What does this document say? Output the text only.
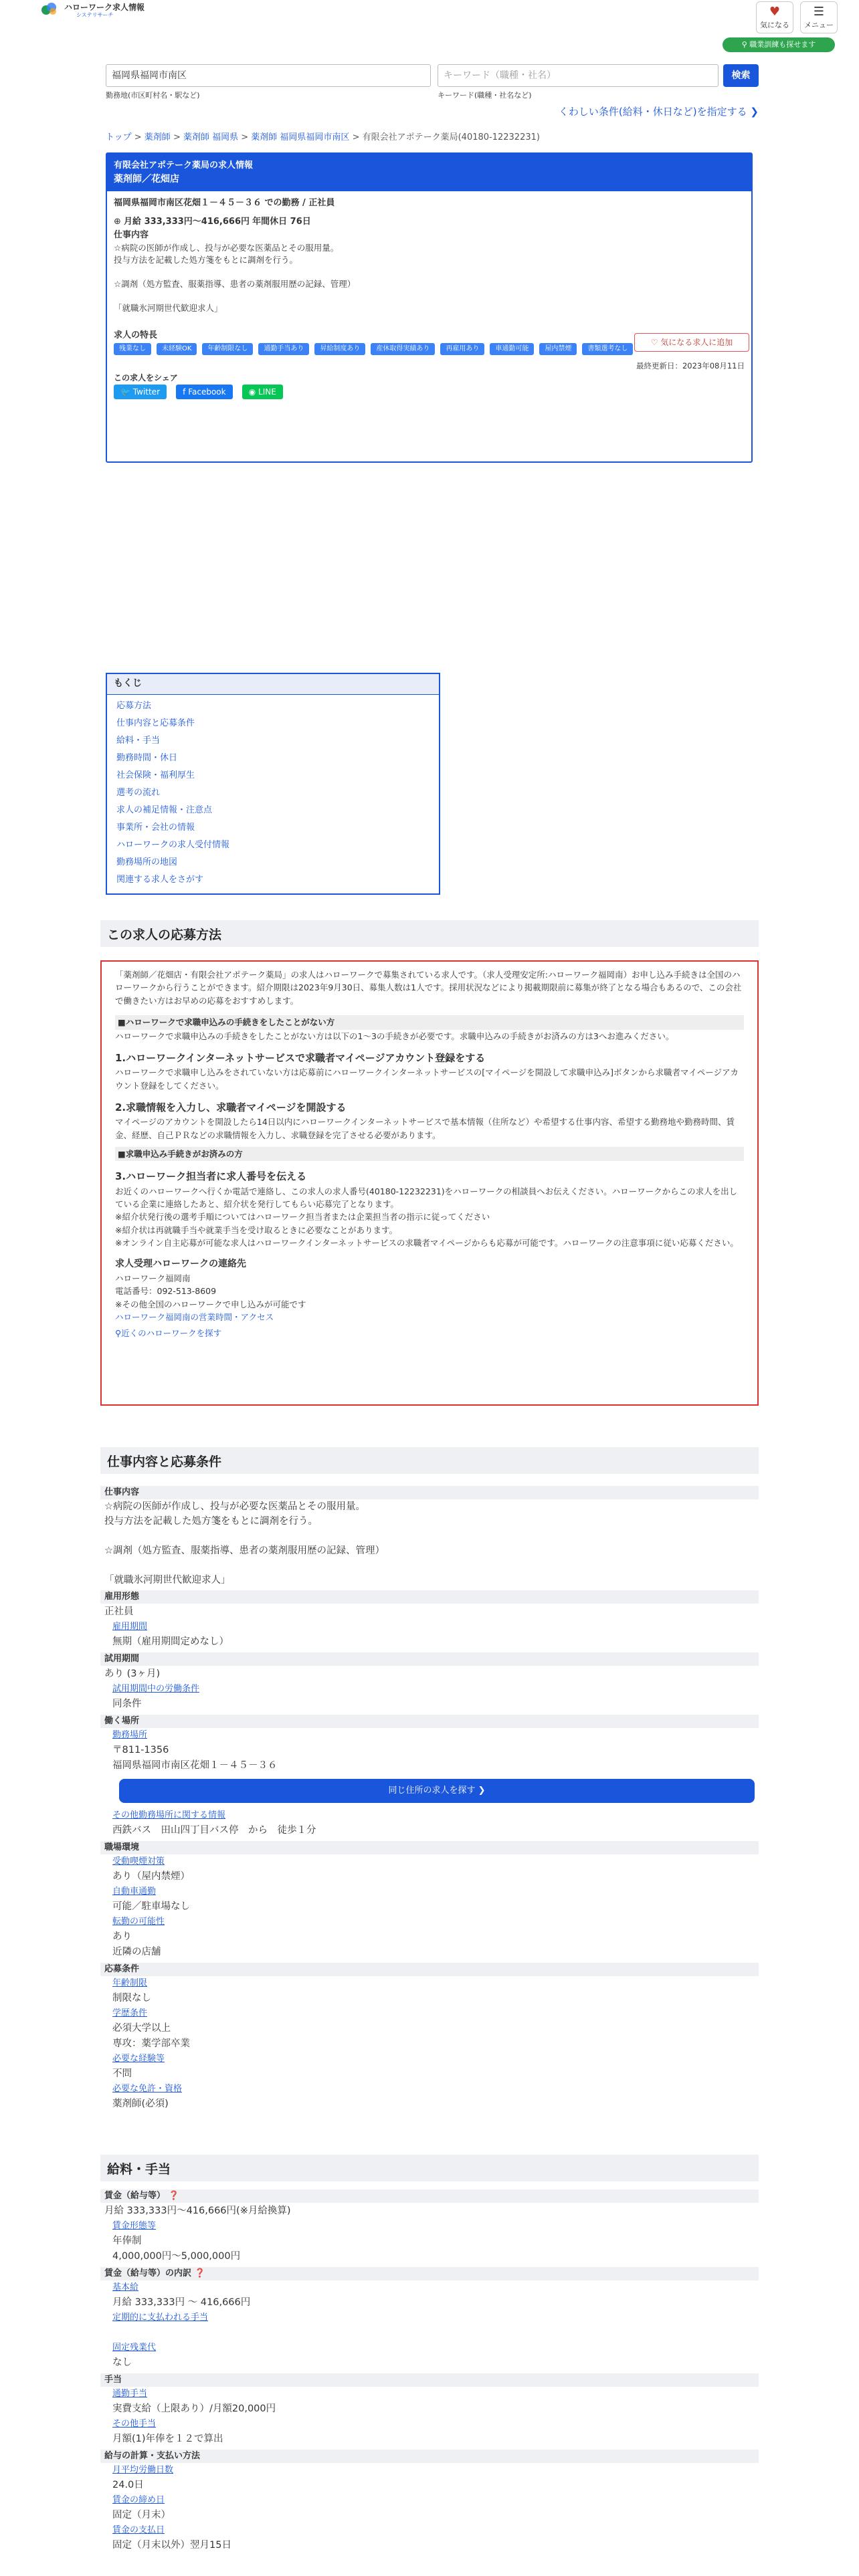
ハローワーク求人情報
システリサーチ	♥
気になる
☰
メニュー
⚲ 職業訓練も探せます
福岡県福岡市南区	キーワード（職種・社名）	検索
勤務地(市区町村名・駅など)	キーワード(職種・社名など)
くわしい条件(給料・休日など)を指定する ❯
トップ > 薬剤師 > 薬剤師 福岡県 > 薬剤師 福岡県福岡市南区 > 有限会社アポテーク薬局(40180-12232231)
有限会社アポテーク薬局の求人情報
薬剤師／花畑店
福岡県福岡市南区花畑１－４５－３６ での勤務 / 正社員
⊕ 月給 333,333円〜416,666円 年間休日 76日
仕事内容
☆病院の医師が作成し、投与が必要な医薬品とその服用量。
投与方法を記載した処方箋をもとに調剤を行う。

☆調剤（処方監査、服薬指導、患者の薬剤服用歴の記録、管理）

「就職氷河期世代歓迎求人」
求人の特長
残業なし	未経験OK	年齢制限なし	通勤手当あり	昇給制度あり	産休取得実績あり	再雇用あり	車通勤可能	屋内禁煙	書類選考なし
最終更新日：2023年08月11日
この求人をシェア
🐦 Twitter	f Facebook	◉ LINE
♡ 気になる求人に追加
もくじ
応募方法
仕事内容と応募条件
給料・手当
勤務時間・休日
社会保険・福利厚生
選考の流れ
求人の補足情報・注意点
事業所・会社の情報
ハローワークの求人受付情報
勤務場所の地図
関連する求人をさがす
この求人の応募方法
「薬剤師／花畑店・有限会社アポテーク薬局」の求人はハローワークで募集されている求人です。（求人受理安定所:ハローワーク福岡南）お申し込み手続きは全国のハローワークから行うことができます。紹介期限は2023年9月30日、募集人数は1人です。採用状況などにより掲載期限前に募集が終了となる場合もあるので、この会社で働きたい方はお早めの応募をおすすめします。
■ハローワークで求職申込みの手続きをしたことがない方
ハローワークで求職申込みの手続きをしたことがない方は以下の1〜3の手続きが必要です。求職申込みの手続きがお済みの方は3へお進みください。
1.ハローワークインターネットサービスで求職者マイページアカウント登録をする
ハローワークで求職申し込みをされていない方は応募前にハローワークインターネットサービスの[マイページを開設して求職申込み]ボタンから求職者マイページアカウント登録をしてください。
2.求職情報を入力し、求職者マイページを開設する
マイページのアカウントを開設したら14日以内にハローワークインターネットサービスで基本情報（住所など）や希望する仕事内容、希望する勤務地や勤務時間、賃金、経歴、自己ＰＲなどの求職情報を入力し、求職登録を完了させる必要があります。
■求職申込み手続きがお済みの方
3.ハローワーク担当者に求人番号を伝える
お近くのハローワークへ行くか電話で連絡し、この求人の求人番号(40180-12232231)をハローワークの相談員へお伝えください。ハローワークからこの求人を出している企業に連絡したあと、紹介状を発行してもらい応募完了となります。
※紹介状発行後の選考手順についてはハローワーク担当者または企業担当者の指示に従ってください
※紹介状は再就職手当や就業手当を受け取るときに必要なことがあります。
※オンライン自主応募が可能な求人はハローワークインターネットサービスの求職者マイページからも応募が可能です。ハローワークの注意事項に従い応募ください。
求人受理ハローワークの連絡先
ハローワーク福岡南
電話番号：092-513-8609
※その他全国のハローワークで申し込みが可能です
ハローワーク福岡南の営業時間・アクセス
⚲近くのハローワークを探す
仕事内容と応募条件
仕事内容
☆病院の医師が作成し、投与が必要な医薬品とその服用量。
投与方法を記載した処方箋をもとに調剤を行う。

☆調剤（処方監査、服薬指導、患者の薬剤服用歴の記録、管理）

「就職氷河期世代歓迎求人」
雇用形態
正社員
雇用期間
無期（雇用期間定めなし）
試用期間
あり (3ヶ月)
試用期間中の労働条件
同条件
働く場所
勤務場所
〒811-1356
福岡県福岡市南区花畑１－４５－３６
同じ住所の求人を探す ❯
その他勤務場所に関する情報
西鉄バス　田山四丁目バス停　から　徒歩１分
職場環境
受動喫煙対策
あり（屋内禁煙）
自動車通勤
可能／駐車場なし
転勤の可能性
あり
近隣の店舗
応募条件
年齢制限
制限なし
学歴条件
必須大学以上
専攻：薬学部卒業
必要な経験等
不問
必要な免許・資格
薬剤師(必須)
給料・手当
賃金（給与等） ❓
月給 333,333円〜416,666円(※月給換算)
賃金形態等
年俸制
4,000,000円〜5,000,000円
賃金（給与等）の内訳 ❓
基本給
月給 333,333円 〜 416,666円
定期的に支払われる手当

固定残業代
なし
手当
通勤手当
実費支給（上限あり）/月額20,000円
その他手当
月額(1)年俸を１２で算出
給与の計算・支払い方法
月平均労働日数
24.0日
賃金の締め日
固定（月末）
賃金の支払日
固定（月末以外）翌月15日
